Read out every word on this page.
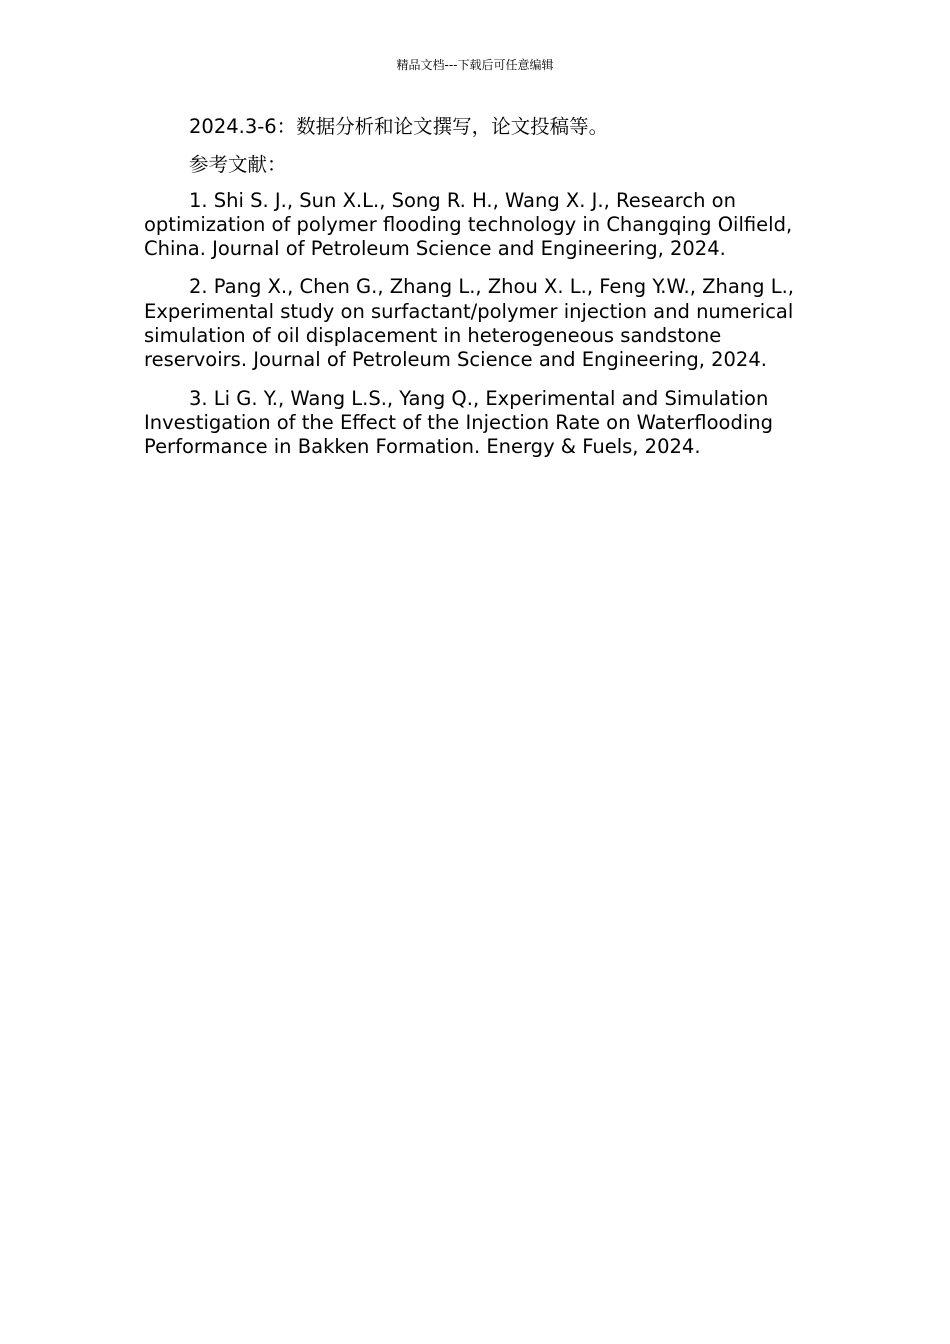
精品文档---下载后可任意编辑

2024.3-6：数据分析和论文撰写，论文投稿等。

参考文献：

1. Shi S. J., Sun X.L., Song R. H., Wang X. J., Research on optimization of polymer flooding technology in Changqing Oilfield, China. Journal of Petroleum Science and Engineering, 2024.

2. Pang X., Chen G., Zhang L., Zhou X. L., Feng Y.W., Zhang L., Experimental study on surfactant/polymer injection and numerical simulation of oil displacement in heterogeneous sandstone reservoirs. Journal of Petroleum Science and Engineering, 2024.

3. Li G. Y., Wang L.S., Yang Q., Experimental and Simulation Investigation of the Effect of the Injection Rate on Waterflooding Performance in Bakken Formation. Energy & Fuels, 2024.
